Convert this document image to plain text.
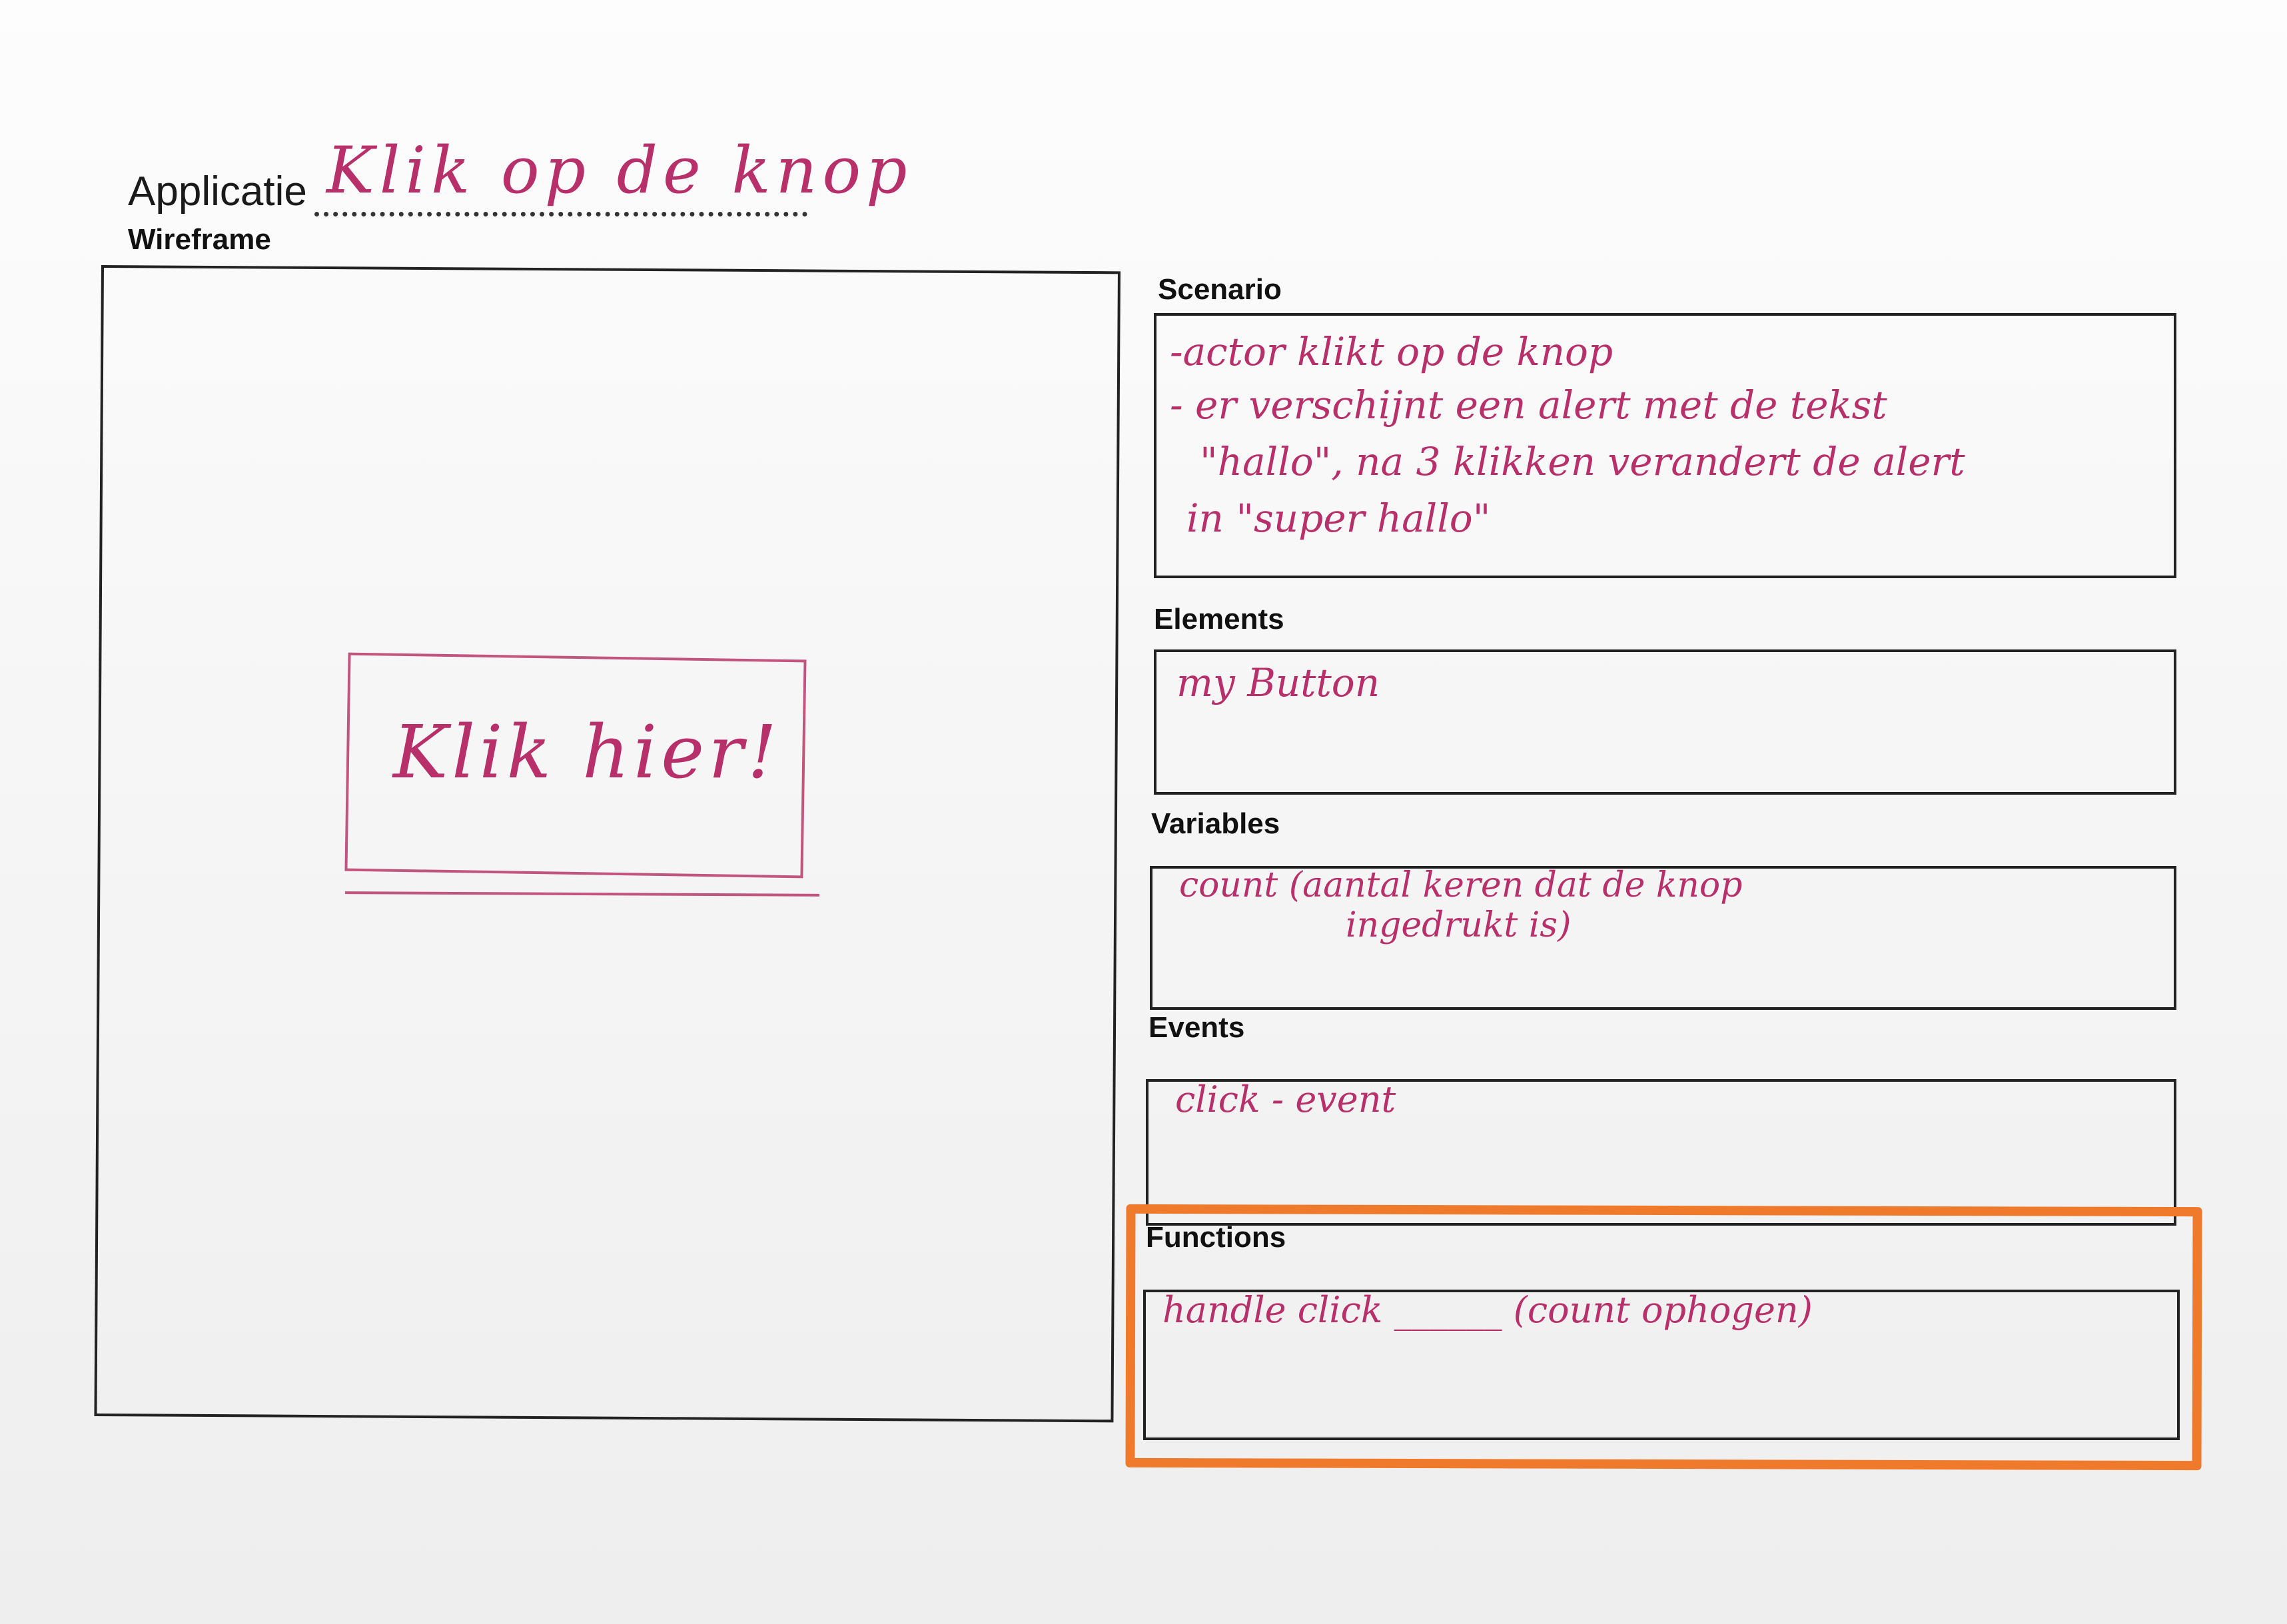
Applicatie Klik op de knop
Wireframe
Klik hier!
Scenario
-actor klikt op de knop
- er verschijnt een alert met de tekst
"hallo", na 3 klikken verandert de alert
in "super hallo"
Elements
my Button
Variables
count (aantal keren dat de knop
ingedrukt is)
Events
click - event
Functions
handle click ______ (count ophogen)
